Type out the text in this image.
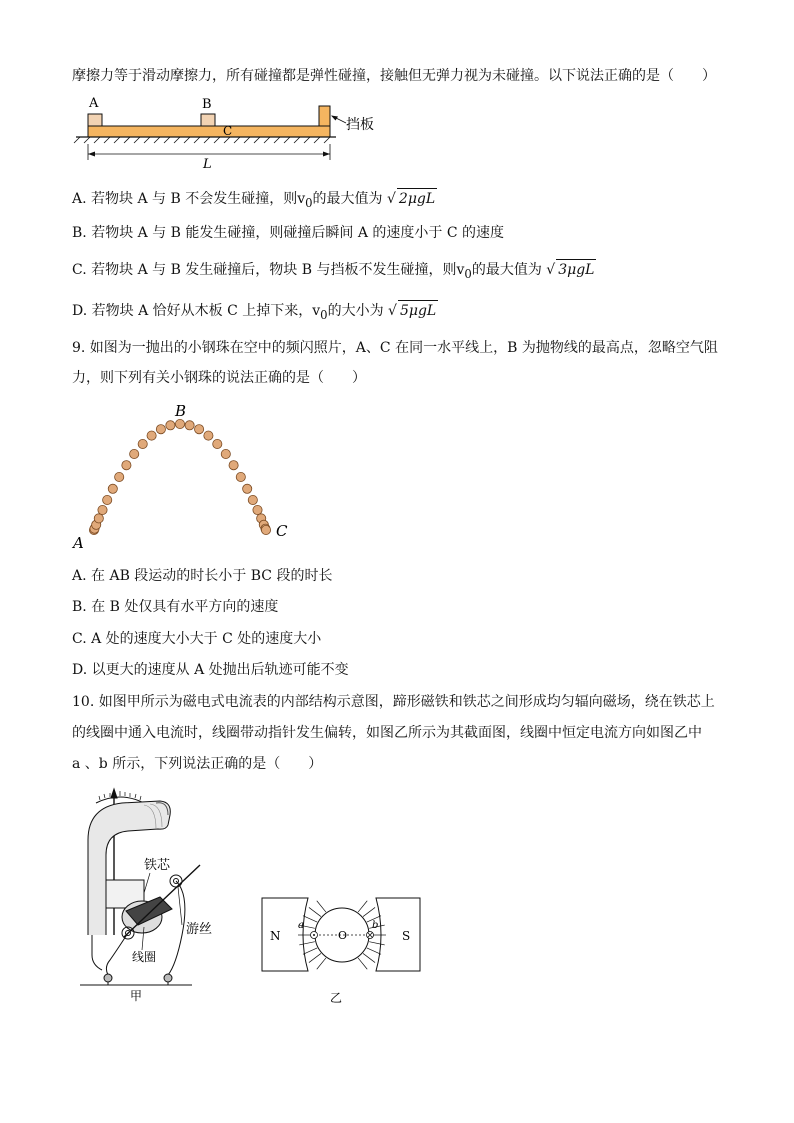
摩擦力等于滑动摩擦力，所有碰撞都是弹性碰撞，接触但无弹力视为未碰撞。以下说法正确的是（　　）
A	B
C	挡板
L
A. 若物块 A 与 B 不会发生碰撞，则$v_0$的最大值为 √ 2μgL
B. 若物块 A 与 B 能发生碰撞，则碰撞后瞬间 A 的速度小于 C 的速度
C. 若物块 A 与 B 发生碰撞后，物块 B 与挡板不发生碰撞，则$v_0$的最大值为 √ 3μgL
D. 若物块 A 恰好从木板 C 上掉下来，$v_0$的大小为 √ 5μgL
9. 如图为一抛出的小钢珠在空中的频闪照片，A、C 在同一水平线上，B 为抛物线的最高点，忽略空气阻
力，则下列有关小钢珠的说法正确的是（　　）
A
B
C
A. 在 AB 段运动的时长小于 BC 段的时长
B. 在 B 处仅具有水平方向的速度
C. A 处的速度大小大于 C 处的速度大小
D. 以更大的速度从 A 处抛出后轨迹可能不变
10. 如图甲所示为磁电式电流表的内部结构示意图，蹄形磁铁和铁芯之间形成均匀辐向磁场，绕在铁芯上
的线圈中通入电流时，线圈带动指针发生偏转，如图乙所示为其截面图，线圈中恒定电流方向如图乙中
a 、b 所示，下列说法正确的是（　　）
铁芯
游丝
线圈
甲
N	S
O
a	b
乙
